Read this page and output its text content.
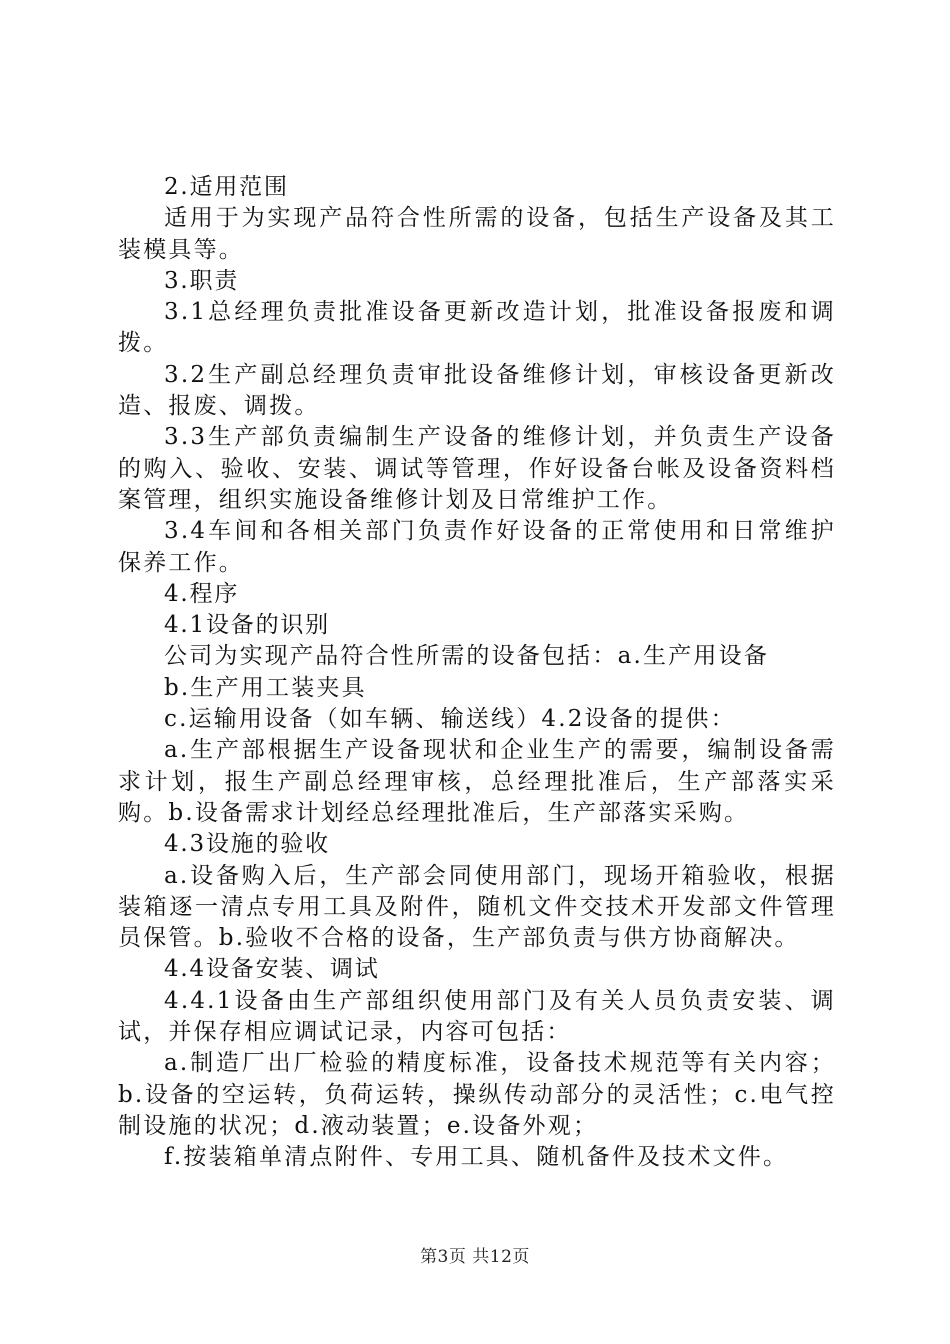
2.适用范围

适用于为实现产品符合性所需的设备，包括生产设备及其工装模具等。

3.职责

3.1总经理负责批准设备更新改造计划，批准设备报废和调拨。

3.2生产副总经理负责审批设备维修计划，审核设备更新改造、报废、调拨。

3.3生产部负责编制生产设备的维修计划，并负责生产设备的购入、验收、安装、调试等管理，作好设备台帐及设备资料档案管理，组织实施设备维修计划及日常维护工作。

3.4车间和各相关部门负责作好设备的正常使用和日常维护保养工作。

4.程序

4.1设备的识别

公司为实现产品符合性所需的设备包括：a.生产用设备

b.生产用工装夹具

c.运输用设备（如车辆、输送线）4.2设备的提供：

a.生产部根据生产设备现状和企业生产的需要，编制设备需求计划，报生产副总经理审核，总经理批准后，生产部落实采购。b.设备需求计划经总经理批准后，生产部落实采购。

4.3设施的验收

a.设备购入后，生产部会同使用部门，现场开箱验收，根据装箱逐一清点专用工具及附件，随机文件交技术开发部文件管理员保管。b.验收不合格的设备，生产部负责与供方协商解决。

4.4设备安装、调试

4.4.1设备由生产部组织使用部门及有关人员负责安装、调试，并保存相应调试记录，内容可包括：

a.制造厂出厂检验的精度标准，设备技术规范等有关内容；b.设备的空运转，负荷运转，操纵传动部分的灵活性；c.电气控制设施的状况；d.液动装置；e.设备外观；

f.按装箱单清点附件、专用工具、随机备件及技术文件。

第3页 共12页
